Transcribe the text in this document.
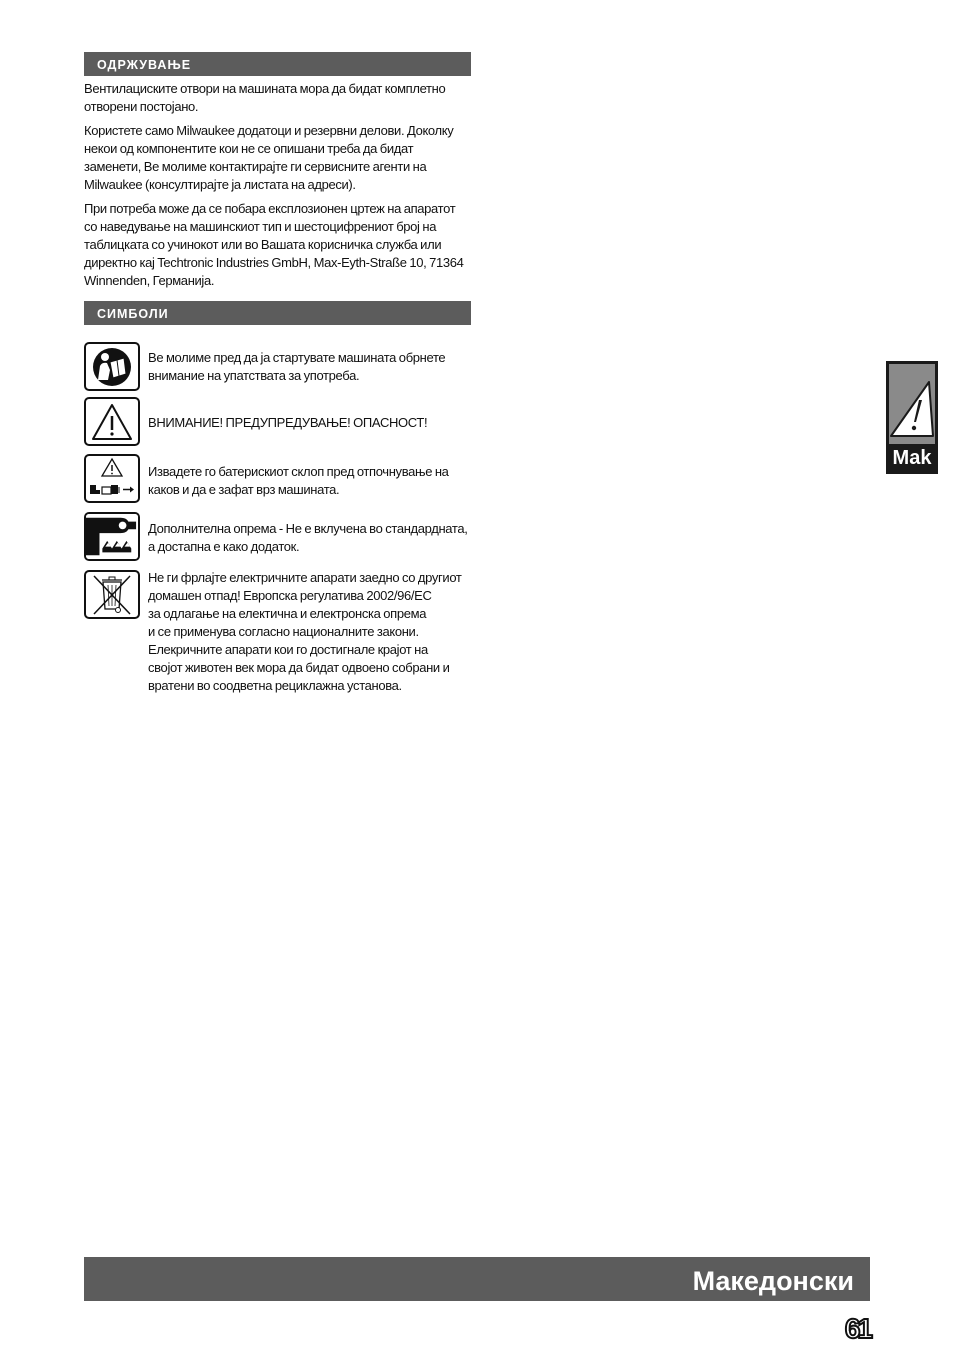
ОДРЖУВАЊЕ

Вентилациските отвори на машината мора да бидат комплетно отворени постојано.

Користете само Milwaukee додатоци и резервни делови. Доколку некои од компонентите кои не се опишани треба да бидат заменети, Ве молиме контактирајте ги сервисните агенти на Milwaukee (консултирајте ја листата на адреси).

При потреба може да се побара експлозионен цртеж на апаратот со наведување на машинскиот тип и шестоцифрениот број на таблицката со учинокот или во Вашата корисничка служба или директно кај Techtronic Industries GmbH, Max-Eyth-Straße 10, 71364 Winnenden, Германија.

СИМБОЛИ
Ве молиме пред да ја стартувате машината обрнете внимание на упатствата за употреба.
ВНИМАНИЕ! ПРЕДУПРЕДУВАЊЕ! ОПАСНОСТ!
Извадете го батерискиот склоп пред отпочнување на каков и да е зафат врз машината.
Дополнителна опрема - Не е вклучена во стандардната, а достапна е како додаток.
Не ги фрлајте електричните апарати заедно со другиот
домашен отпад! Европска регулатива 2002/96/ЕС
за одлагање на електична и електронска опрема
и се применува согласно националните закони.
Елекричните апарати кои го достигнале крајот на
својот животен век мора да бидат одвоено собрани и
вратени во соодветна рециклажна установа.
Mak
Македонски
61
